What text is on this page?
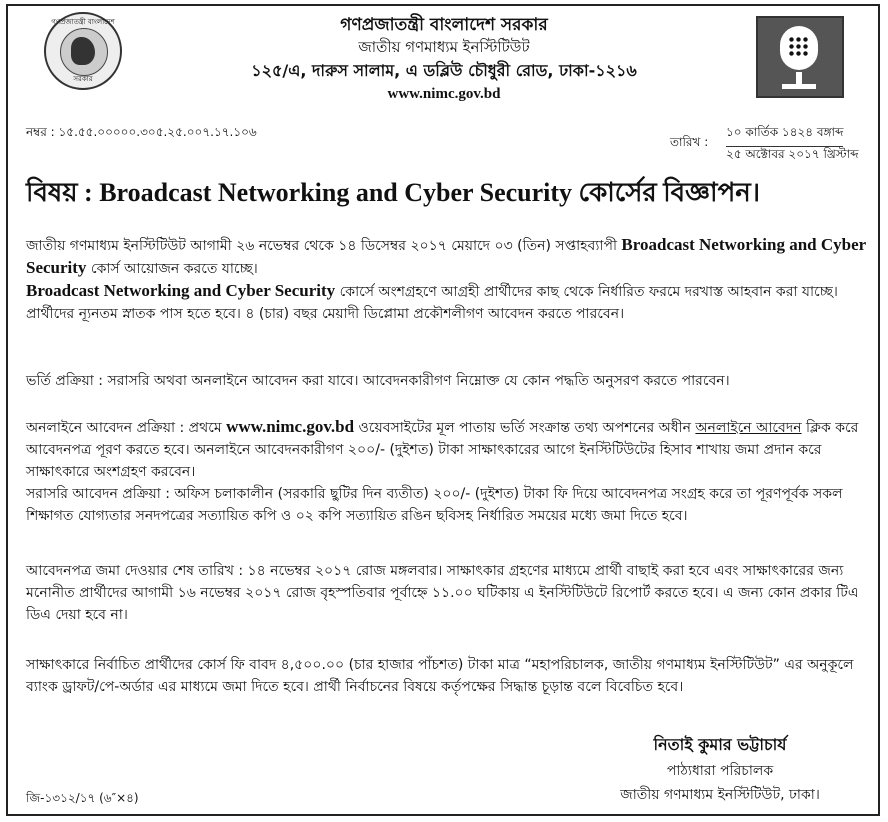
গণপ্রজাতন্ত্রী বাংলাদেশ
সরকার
গণপ্রজাতন্ত্রী বাংলাদেশ সরকার
জাতীয় গণমাধ্যম ইনস্টিটিউট
১২৫/এ, দারুস সালাম, এ ডব্লিউ চৌধুরী রোড, ঢাকা-১২১৬
www.nimc.gov.bd
নম্বর : ১৫.৫৫.০০০০০.৩০৫.২৫.০০৭.১৭.১০৬
তারিখ :
১০ কার্তিক ১৪২৪ বঙ্গাব্দ
২৫ অক্টোবর ২০১৭ খ্রিস্টাব্দ
বিষয় : Broadcast Networking and Cyber Security কোর্সের বিজ্ঞাপন।
জাতীয় গণমাধ্যম ইনস্টিটিউট আগামী ২৬ নভেম্বর থেকে ১৪ ডিসেম্বর ২০১৭ মেয়াদে ০৩ (তিন) সপ্তাহব্যাপী Broadcast Networking and Cyber Security কোর্স আয়োজন করতে যাচ্ছে।
Broadcast Networking and Cyber Security কোর্সে অংশগ্রহণে আগ্রহী প্রার্থীদের কাছ থেকে নির্ধারিত ফরমে দরখাস্ত আহবান করা যাচ্ছে। প্রার্থীদের ন্যূনতম স্নাতক পাস হতে হবে। ৪ (চার) বছর মেয়াদী ডিপ্লোমা প্রকৌশলীগণ আবেদন করতে পারবেন।
ভর্তি প্রক্রিয়া : সরাসরি অথবা অনলাইনে আবেদন করা যাবে। আবেদনকারীগণ নিম্নোক্ত যে কোন পদ্ধতি অনুসরণ করতে পারবেন।
অনলাইনে আবেদন প্রক্রিয়া : প্রথমে www.nimc.gov.bd ওয়েবসাইটের মূল পাতায় ভর্তি সংক্রান্ত তথ্য অপশনের অধীন অনলাইনে আবেদন ক্লিক করে আবেদনপত্র পূরণ করতে হবে। অনলাইনে আবেদনকারীগণ ২০০/- (দুইশত) টাকা সাক্ষাৎকারের আগে ইনস্টিটিউটের হিসাব শাখায় জমা প্রদান করে সাক্ষাৎকারে অংশগ্রহণ করবেন।
সরাসরি আবেদন প্রক্রিয়া : অফিস চলাকালীন (সরকারি ছুটির দিন ব্যতীত) ২০০/- (দুইশত) টাকা ফি দিয়ে আবেদনপত্র সংগ্রহ করে তা পূরণপূর্বক সকল শিক্ষাগত যোগ্যতার সনদপত্রের সত্যায়িত কপি ও ০২ কপি সত্যায়িত রঙিন ছবিসহ নির্ধারিত সময়ের মধ্যে জমা দিতে হবে।
আবেদনপত্র জমা দেওয়ার শেষ তারিখ : ১৪ নভেম্বর ২০১৭ রোজ মঙ্গলবার। সাক্ষাৎকার গ্রহণের মাধ্যমে প্রার্থী বাছাই করা হবে এবং সাক্ষাৎকারের জন্য মনোনীত প্রার্থীদের আগামী ১৬ নভেম্বর ২০১৭ রোজ বৃহস্পতিবার পূর্বাহ্নে ১১.০০ ঘটিকায় এ ইনস্টিটিউটে রিপোর্ট করতে হবে। এ জন্য কোন প্রকার টিএ ডিএ দেয়া হবে না।
সাক্ষাৎকারে নির্বাচিত প্রার্থীদের কোর্স ফি বাবদ ৪,৫০০.০০ (চার হাজার পাঁচশত) টাকা মাত্র “মহাপরিচালক, জাতীয় গণমাধ্যম ইনস্টিটিউট” এর অনুকূলে ব্যাংক ড্রাফট/পে-অর্ডার এর মাধ্যমে জমা দিতে হবে। প্রার্থী নির্বাচনের বিষয়ে কর্তৃপক্ষের সিদ্ধান্ত চূড়ান্ত বলে বিবেচিত হবে।
নিতাই কুমার ভট্টাচার্য
পাঠ্যধারা পরিচালক
জাতীয় গণমাধ্যম ইনস্টিটিউট, ঢাকা।
জি-১৩১২/১৭ (৬″×৪)
